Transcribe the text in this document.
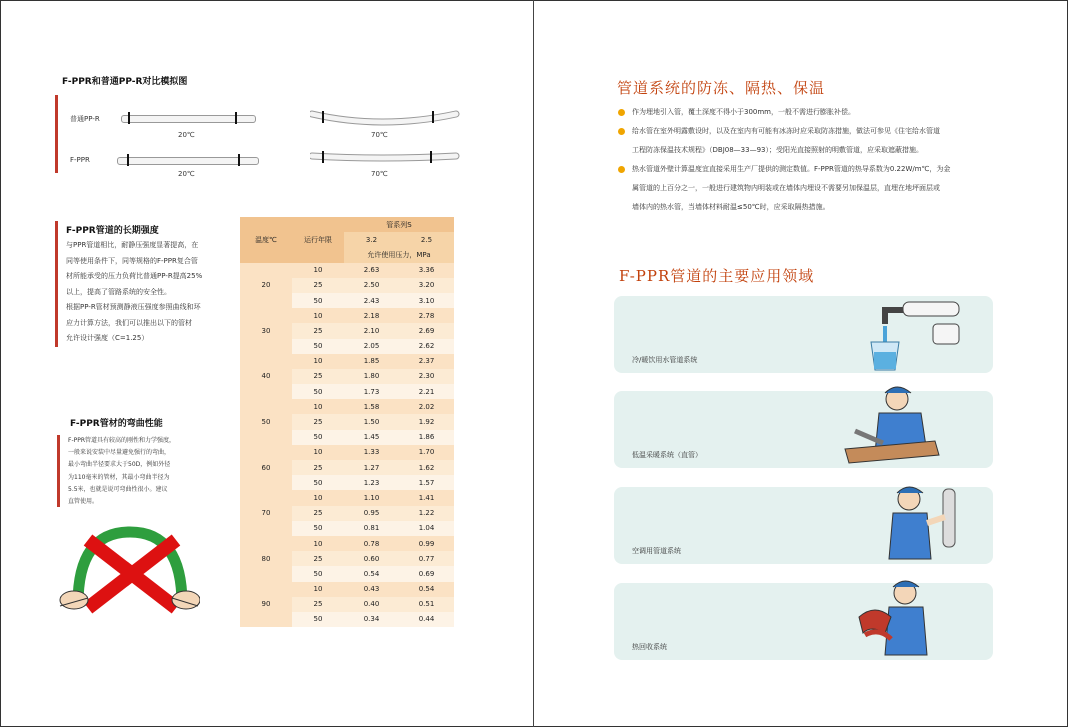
F-PPR和普通PP-R对比模拟图
普通PP-R
20℃	70℃
F-PPR
20℃	70℃
F-PPR管道的长期强度
与PPR管道相比，耐静压强度显著提高，在
同等使用条件下，同等规格的F-PPR复合管
材所能承受的压力负荷比普通PP-R提高25%
以上，提高了管路系统的安全性。
根据PP-R管材预测静液压强度参照曲线和环
应力计算方法，我们可以推出以下的管材
允许设计强度（C=1.25）
F-PPR管材的弯曲性能
F-PPR管道具有较高的刚性和力学强度，
一般来说安装中尽量避免强行的弯曲，
最小弯曲半径要求大于50D，例如外径
为110毫米的管材，其最小弯曲半径为
5.5米，也就是说可弯曲性很小。建议
直管使用。
温度℃	运行年限	管系列S	
		3.2	2.5
		允许使用压力，MPa	
20	10	2.63	3.36
	25	2.50	3.20
	50	2.43	3.10
30	10	2.18	2.78
	25	2.10	2.69
	50	2.05	2.62
40	10	1.85	2.37
	25	1.80	2.30
	50	1.73	2.21
50	10	1.58	2.02
	25	1.50	1.92
	50	1.45	1.86
60	10	1.33	1.70
	25	1.27	1.62
	50	1.23	1.57
70	10	1.10	1.41
	25	0.95	1.22
	50	0.81	1.04
80	10	0.78	0.99
	25	0.60	0.77
	50	0.54	0.69
90	10	0.43	0.54
	25	0.40	0.51
	50	0.34	0.44
管道系统的防冻、隔热、保温
作为埋地引入管，覆土深度不得小于300mm，一般不需进行膨胀补偿。
给水管在室外明露敷设时，以及在室内有可能有冰冻时应采取防冻措施，做法可参见《住宅给水管道
工程防冻保温技术规程》（DBJ08—33—93）；受阳光直接照射的明敷管道，应采取遮蔽措施。
热水管道外壁计算温度宜直接采用生产厂提供的测定数值。F-PPR管道的热导系数为0.22W/m℃，为金
属管道的上百分之一，一般进行建筑物内明装或在墙体内埋设不需要另加保温层，直埋在地坪面层或
墙体内的热水管，当墙体材料耐温≤50℃时，应采取隔热措施。
F-PPR管道的主要应用领域
冷/暖饮用水管道系统
低温采暖系统（直管）
空调用管道系统
热回收系统
